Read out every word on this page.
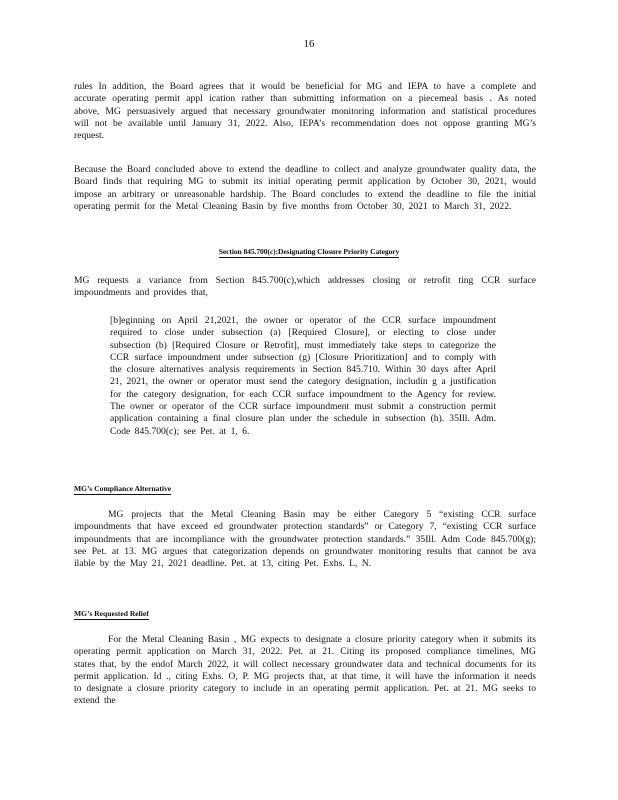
16
rules In addition, the Board agrees that it would be beneficial for MG and IEPA to have a complete and accurate operating permit appl ication rather than submitting information on a piecemeal basis . As noted above, MG persuasively argued that necessary groundwater monitoring information and statistical procedures will not be available until January 31, 2022. Also, IEPA’s recommendation does not oppose granting MG’s request.
Because the Board concluded above to extend the deadline to collect and analyze groundwater quality data, the Board finds that requiring MG to submit its initial operating permit application by October 30, 2021, would impose an arbitrary or unreasonable hardship. The Board concludes to extend the deadline to file the initial operating permit for the Metal Cleaning Basin by five months from October 30, 2021 to March 31, 2022.
Section 845.700(c):Designating Closure Priority Category
MG requests a variance from Section 845.700(c),which addresses closing or retrofit ting CCR surface impoundments and provides that,
[b]eginning on April 21,2021, the owner or operator of the CCR surface impoundment required to close under subsection (a) [Required Closure], or electing to close under subsection (b) [Required Closure or Retrofit], must immediately take steps to categorize the CCR surface impoundment under subsection (g) [Closure Prioritization] and to comply with the closure alternatives analysis requirements in Section 845.710. Within 30 days after April 21, 2021, the owner or operator must send the category designation, includin g a justification for the category designation, for each CCR surface impoundment to the Agency for review. The owner or operator of the CCR surface impoundment must submit a construction permit application containing a final closure plan under the schedule in subsection (h). 35Ill. Adm. Code 845.700(c); see Pet. at 1, 6.
MG’s Compliance Alternative
MG projects that the Metal Cleaning Basin may be either Category 5 “existing CCR surface impoundments that have exceed ed groundwater protection standards” or Category 7, “existing CCR surface impoundments that are incompliance with the groundwater protection standards.” 35Ill. Adm Code 845.700(g); see Pet. at 13. MG argues that categorization depends on groundwater monitoring results that cannot be ava ilable by the May 21, 2021 deadline. Pet. at 13, citing Pet. Exhs. L, N.
MG’s Requested Relief
For the Metal Cleaning Basin , MG expects to designate a closure priority category when it submits its operating permit application on March 31, 2022. Pet. at 21. Citing its proposed compliance timelines, MG states that, by the endof March 2022, it will collect necessary groundwater data and technical documents for its permit application. Id ., citing Exhs. O, P. MG projects that, at that time, it will have the information it needs to designate a closure priority category to include in an operating permit application. Pet. at 21. MG seeks to extend the
